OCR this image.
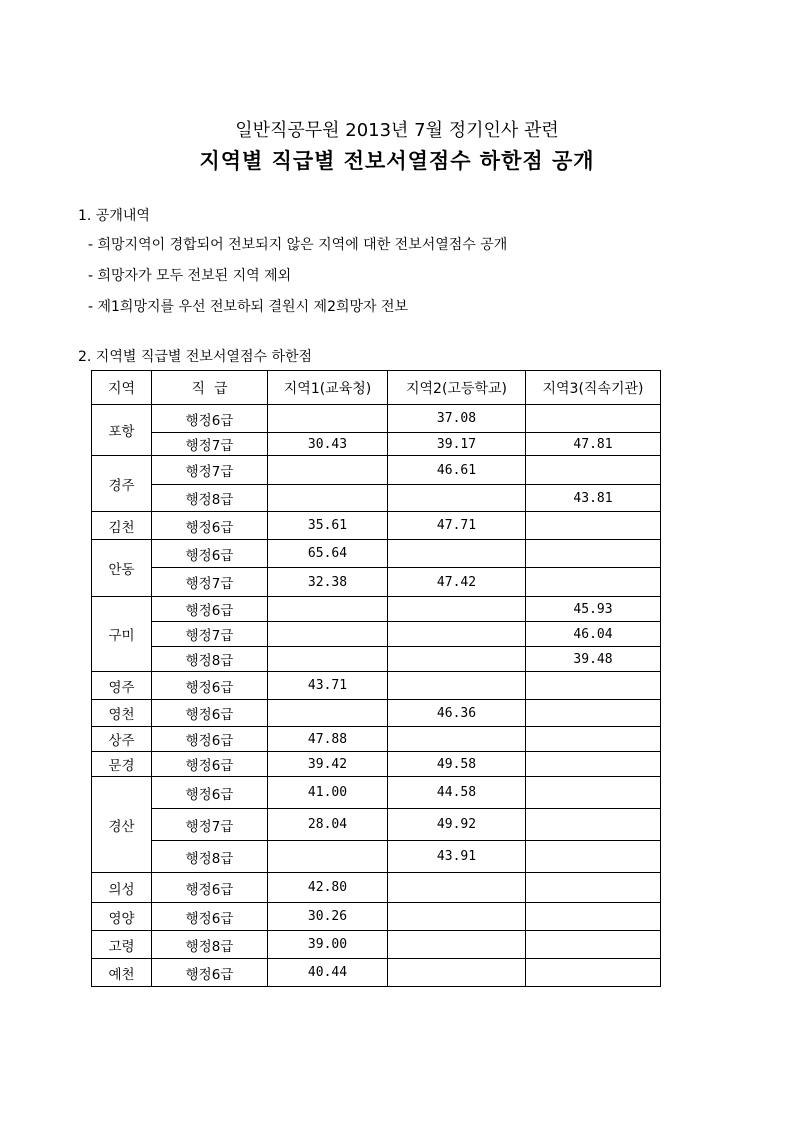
일반직공무원 2013년 7월 정기인사 관련
지역별 직급별 전보서열점수 하한점 공개
1. 공개내역
- 희망지역이 경합되어 전보되지 않은 지역에 대한 전보서열점수 공개
- 희망자가 모두 전보된 지역 제외
- 제1희망지를 우선 전보하되 결원시 제2희망자 전보
2. 지역별 직급별 전보서열점수 하한점
지역	직  급	지역1(교육청)	지역2(고등학교)	지역3(직속기관)
포항	행정6급		37.08	
	행정7급	30.43	39.17	47.81
경주	행정7급		46.61	
	행정8급			43.81
김천	행정6급	35.61	47.71	
안동	행정6급	65.64		
	행정7급	32.38	47.42	
구미	행정6급			45.93
	행정7급			46.04
	행정8급			39.48
영주	행정6급	43.71		
영천	행정6급		46.36	
상주	행정6급	47.88		
문경	행정6급	39.42	49.58	
경산	행정6급	41.00	44.58	
	행정7급	28.04	49.92	
	행정8급		43.91	
의성	행정6급	42.80		
영양	행정6급	30.26		
고령	행정8급	39.00		
예천	행정6급	40.44		
